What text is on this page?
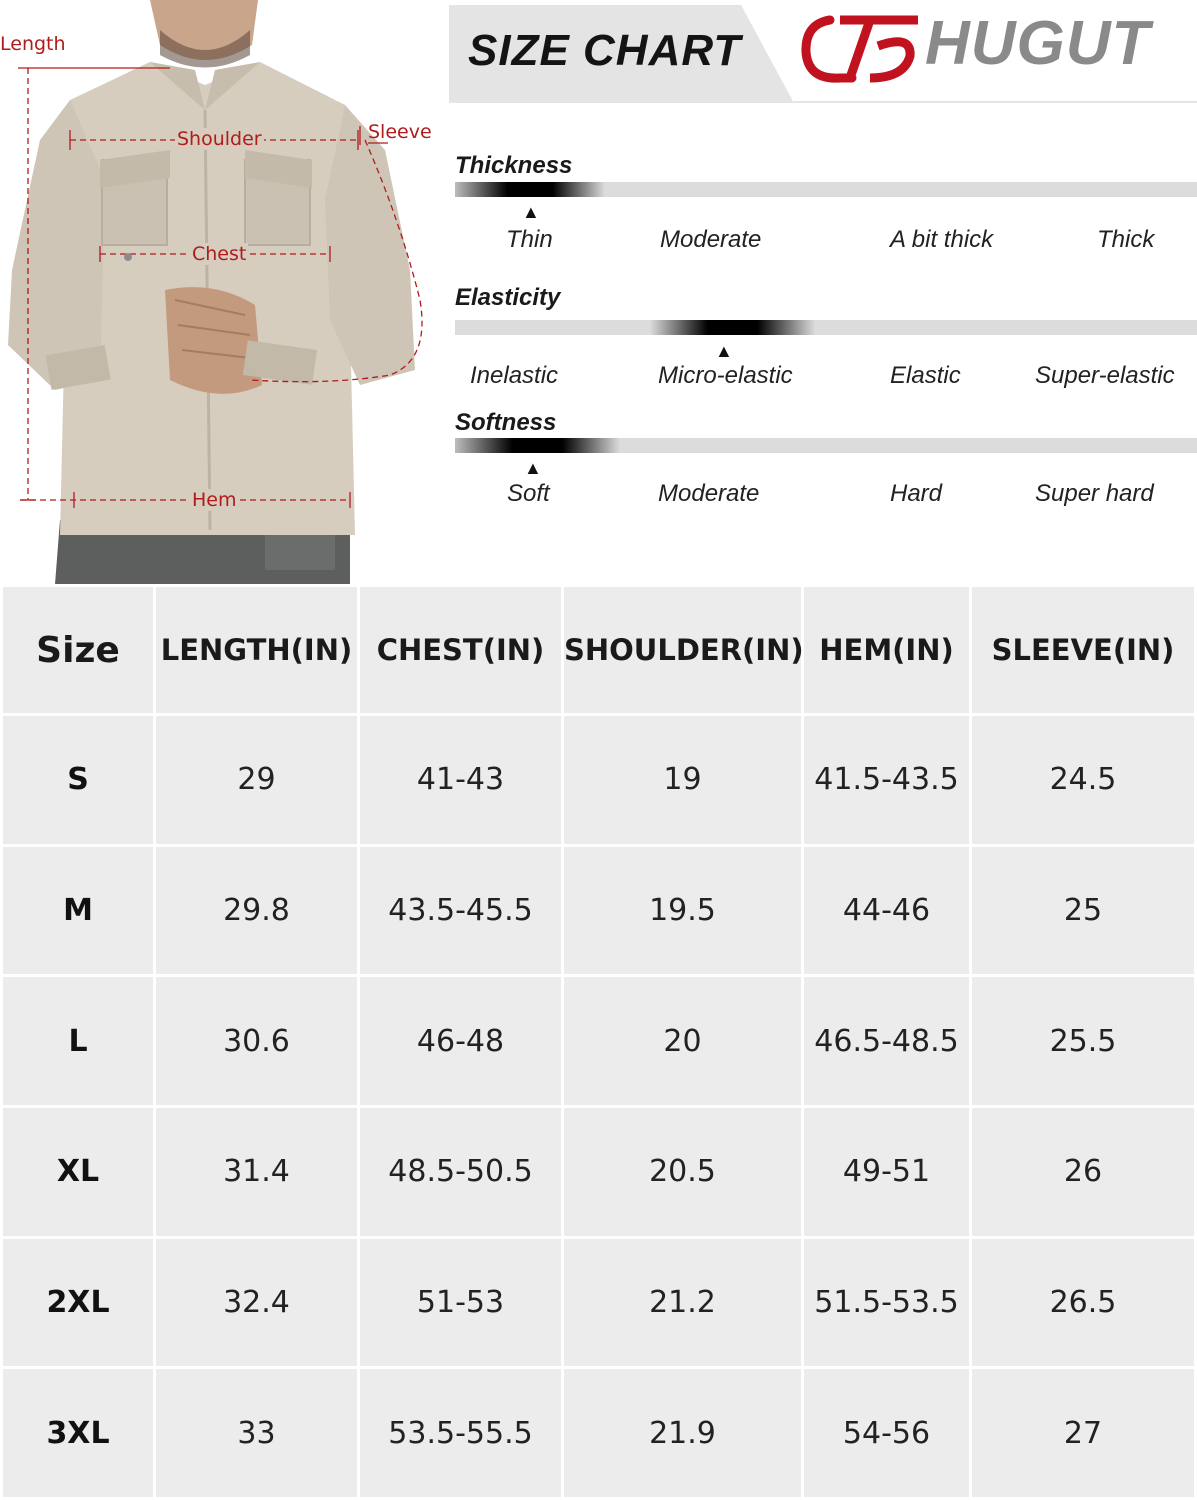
Length
Shoulder	Sleeve
Chest
Hem
SIZE CHART	HUGUT
Thickness
▲
Thin	Moderate	A bit thick	Thick
Elasticity
▲
Inelastic	Micro-elastic	Elastic	Super-elastic
Softness
▲
Soft	Moderate	Hard	Super hard
Size	LENGTH(IN)	CHEST(IN)	SHOULDER(IN)	HEM(IN)	SLEEVE(IN)
S	29	41-43	19	41.5-43.5	24.5
M	29.8	43.5-45.5	19.5	44-46	25
L	30.6	46-48	20	46.5-48.5	25.5
XL	31.4	48.5-50.5	20.5	49-51	26
2XL	32.4	51-53	21.2	51.5-53.5	26.5
3XL	33	53.5-55.5	21.9	54-56	27
